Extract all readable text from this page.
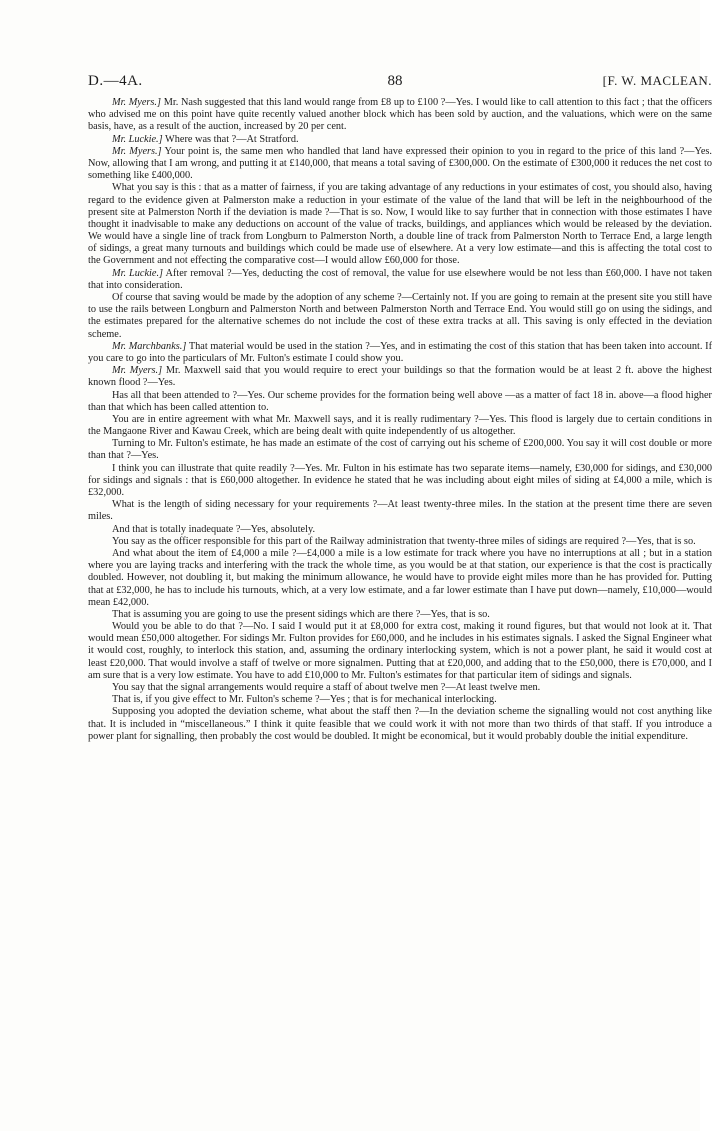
D.—4A.	88	[F. W. MACLEAN.

Mr. Myers.] Mr. Nash suggested that this land would range from £8 up to £100 ?—Yes. I would like to call attention to this fact ; that the officers who advised me on this point have quite recently valued another block which has been sold by auction, and the valuations, which were on the same basis, have, as a result of the auction, increased by 20 per cent.

Mr. Luckie.] Where was that ?—At Stratford.

Mr. Myers.] Your point is, the same men who handled that land have expressed their opinion to you in regard to the price of this land ?—Yes. Now, allowing that I am wrong, and putting it at £140,000, that means a total saving of £300,000. On the estimate of £300,000 it reduces the net cost to something like £400,000.

What you say is this : that as a matter of fairness, if you are taking advantage of any reductions in your estimates of cost, you should also, having regard to the evidence given at Palmerston make a reduction in your estimate of the value of the land that will be left in the neighbourhood of the present site at Palmerston North if the deviation is made ?—That is so. Now, I would like to say further that in connection with those estimates I have thought it inadvisable to make any deductions on account of the value of tracks, buildings, and appliances which would be released by the deviation. We would have a single line of track from Longburn to Palmerston North, a double line of track from Palmerston North to Terrace End, a large length of sidings, a great many turnouts and buildings which could be made use of elsewhere. At a very low estimate—and this is affecting the total cost to the Government and not effecting the comparative cost—I would allow £60,000 for those.

Mr. Luckie.] After removal ?—Yes, deducting the cost of removal, the value for use elsewhere would be not less than £60,000. I have not taken that into consideration.

Of course that saving would be made by the adoption of any scheme ?—Certainly not. If you are going to remain at the present site you still have to use the rails between Longburn and Palmerston North and between Palmerston North and Terrace End. You would still go on using the sidings, and the estimates prepared for the alternative schemes do not include the cost of these extra tracks at all. This saving is only effected in the deviation scheme.

Mr. Marchbanks.] That material would be used in the station ?—Yes, and in estimating the cost of this station that has been taken into account. If you care to go into the particulars of Mr. Fulton's estimate I could show you.

Mr. Myers.] Mr. Maxwell said that you would require to erect your buildings so that the formation would be at least 2 ft. above the highest known flood ?—Yes.

Has all that been attended to ?—Yes. Our scheme provides for the formation being well above —as a matter of fact 18 in. above—a flood higher than that which has been called attention to.

You are in entire agreement with what Mr. Maxwell says, and it is really rudimentary ?—Yes. This flood is largely due to certain conditions in the Mangaone River and Kawau Creek, which are being dealt with quite independently of us altogether.

Turning to Mr. Fulton's estimate, he has made an estimate of the cost of carrying out his scheme of £200,000. You say it will cost double or more than that ?—Yes.

I think you can illustrate that quite readily ?—Yes. Mr. Fulton in his estimate has two separate items—namely, £30,000 for sidings, and £30,000 for sidings and signals : that is £60,000 altogether. In evidence he stated that he was including about eight miles of siding at £4,000 a mile, which is £32,000.

What is the length of siding necessary for your requirements ?—At least twenty-three miles. In the station at the present time there are seven miles.

And that is totally inadequate ?—Yes, absolutely.

You say as the officer responsible for this part of the Railway administration that twenty-three miles of sidings are required ?—Yes, that is so.

And what about the item of £4,000 a mile ?—£4,000 a mile is a low estimate for track where you have no interruptions at all ; but in a station where you are laying tracks and interfering with the track the whole time, as you would be at that station, our experience is that the cost is practically doubled. However, not doubling it, but making the minimum allowance, he would have to provide eight miles more than he has provided for. Putting that at £32,000, he has to include his turnouts, which, at a very low estimate, and a far lower estimate than I have put down—namely, £10,000—would mean £42,000.

That is assuming you are going to use the present sidings which are there ?—Yes, that is so.

Would you be able to do that ?—No. I said I would put it at £8,000 for extra cost, making it round figures, but that would not look at it. That would mean £50,000 altogether. For sidings Mr. Fulton provides for £60,000, and he includes in his estimates signals. I asked the Signal Engineer what it would cost, roughly, to interlock this station, and, assuming the ordinary interlocking system, which is not a power plant, he said it would cost at least £20,000. That would involve a staff of twelve or more signalmen. Putting that at £20,000, and adding that to the £50,000, there is £70,000, and I am sure that is a very low estimate. You have to add £10,000 to Mr. Fulton's estimates for that particular item of sidings and signals.

You say that the signal arrangements would require a staff of about twelve men ?—At least twelve men.

That is, if you give effect to Mr. Fulton's scheme ?—Yes ; that is for mechanical interlocking.

Supposing you adopted the deviation scheme, what about the staff then ?—In the deviation scheme the signalling would not cost anything like that. It is included in “miscellaneous.” I think it quite feasible that we could work it with not more than two thirds of that staff. If you introduce a power plant for signalling, then probably the cost would be doubled. It might be economical, but it would probably double the initial expenditure.
